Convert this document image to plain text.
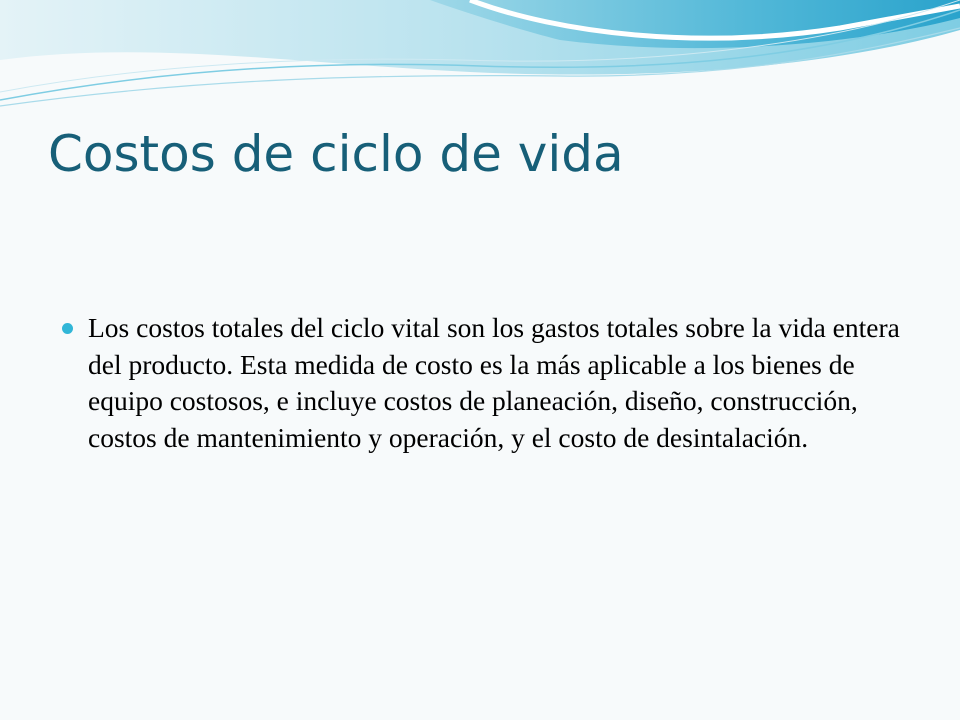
Costos de ciclo de vida
Los costos totales del ciclo vital son los gastos totales sobre la vida entera del producto. Esta medida de costo es la más aplicable a los bienes de equipo costosos, e incluye costos de planeación, diseño, construcción, costos de mantenimiento y operación, y el costo de desintalación.
